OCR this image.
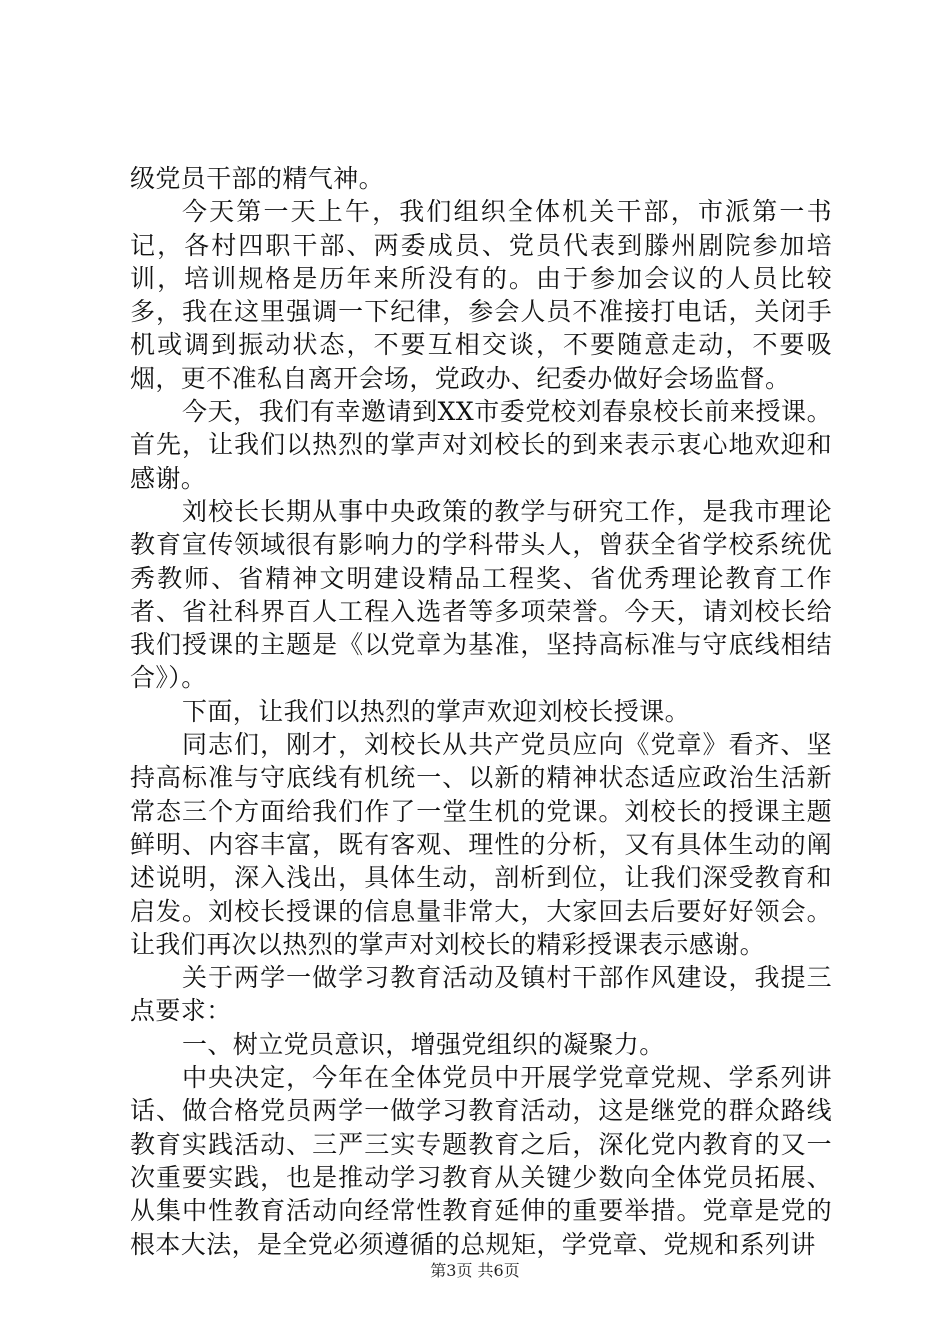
级党员干部的精气神。

今天第一天上午，我们组织全体机关干部，市派第一书记，各村四职干部、两委成员、党员代表到滕州剧院参加培训，培训规格是历年来所没有的。由于参加会议的人员比较多，我在这里强调一下纪律，参会人员不准接打电话，关闭手机或调到振动状态，不要互相交谈，不要随意走动，不要吸烟，更不准私自离开会场，党政办、纪委办做好会场监督。

今天，我们有幸邀请到XX市委党校刘春泉校长前来授课。首先，让我们以热烈的掌声对刘校长的到来表示衷心地欢迎和感谢。

刘校长长期从事中央政策的教学与研究工作，是我市理论教育宣传领域很有影响力的学科带头人，曾获全省学校系统优秀教师、省精神文明建设精品工程奖、省优秀理论教育工作者、省社科界百人工程入选者等多项荣誉。今天，请刘校长给我们授课的主题是《以党章为基准，坚持高标准与守底线相结合》）。

下面，让我们以热烈的掌声欢迎刘校长授课。

同志们，刚才，刘校长从共产党员应向《党章》看齐、坚持高标准与守底线有机统一、以新的精神状态适应政治生活新常态三个方面给我们作了一堂生机的党课。刘校长的授课主题鲜明、内容丰富，既有客观、理性的分析，又有具体生动的阐述说明，深入浅出，具体生动，剖析到位，让我们深受教育和启发。刘校长授课的信息量非常大，大家回去后要好好领会。让我们再次以热烈的掌声对刘校长的精彩授课表示感谢。

关于两学一做学习教育活动及镇村干部作风建设，我提三点要求：

一、树立党员意识，增强党组织的凝聚力。

中央决定，今年在全体党员中开展学党章党规、学系列讲话、做合格党员两学一做学习教育活动，这是继党的群众路线教育实践活动、三严三实专题教育之后，深化党内教育的又一次重要实践，也是推动学习教育从关键少数向全体党员拓展、从集中性教育活动向经常性教育延伸的重要举措。党章是党的根本大法，是全党必须遵循的总规矩，学党章、党规和系列讲

第3页 共6页
